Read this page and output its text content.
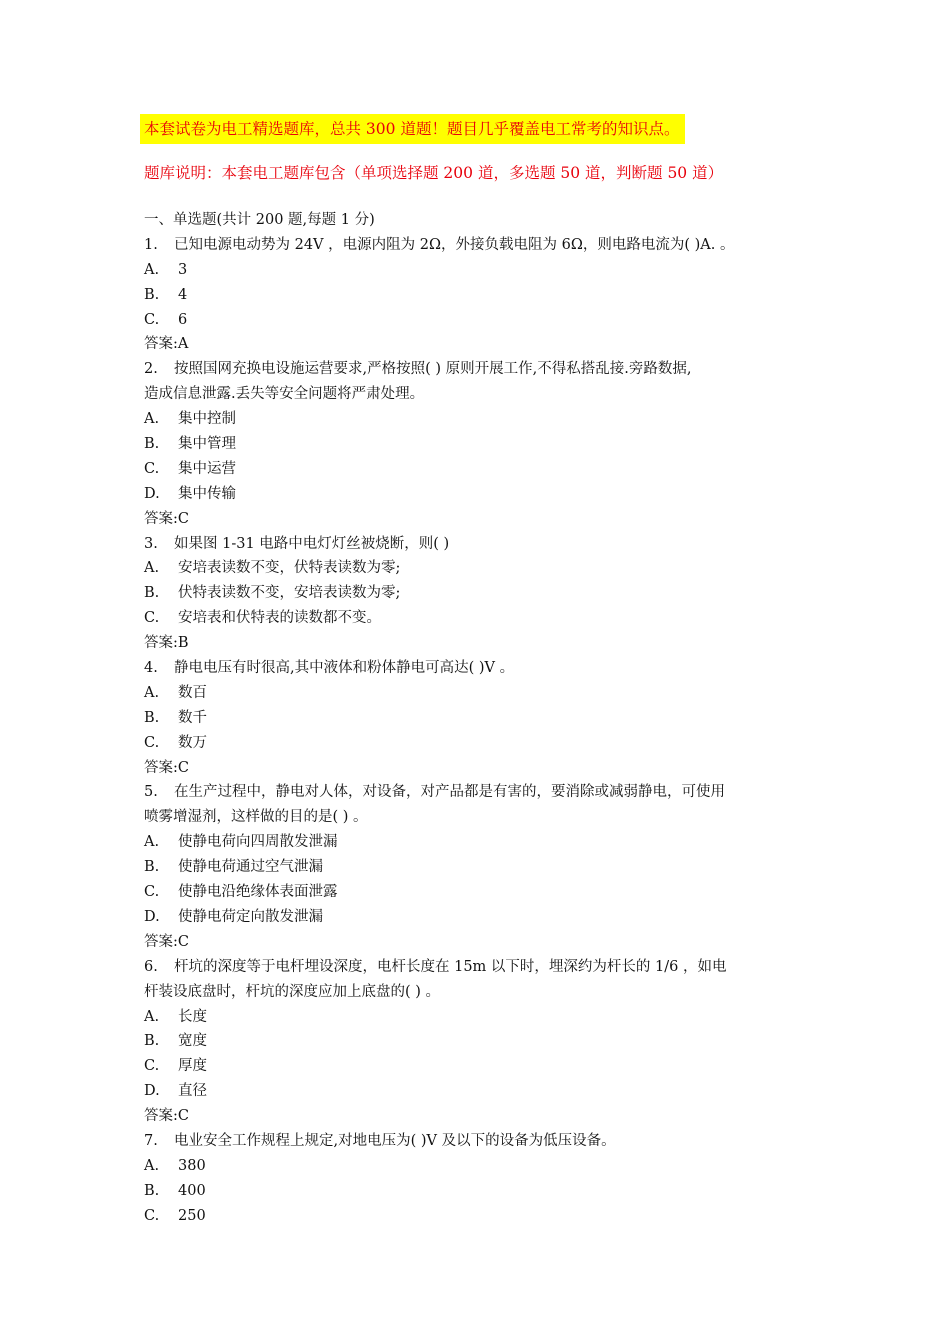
本套试卷为电工精选题库，总共 300 道题！题目几乎覆盖电工常考的知识点。
题库说明：本套电工题库包含（单项选择题 200 道，多选题 50 道，判断题 50 道）
一、单选题(共计 200 题,每题 1 分)
1. 已知电源电动势为 24V ，电源内阻为 2Ω，外接负载电阻为 6Ω，则电路电流为( )A. 。
A. 3
B. 4
C. 6
答案:A
2. 按照国网充换电设施运营要求,严格按照( ) 原则开展工作,不得私搭乱接.旁路数据,
造成信息泄露.丢失等安全问题将严肃处理。
A. 集中控制
B. 集中管理
C. 集中运营
D. 集中传输
答案:C
3. 如果图 1-31 电路中电灯灯丝被烧断，则( )
A. 安培表读数不变，伏特表读数为零;
B. 伏特表读数不变，安培表读数为零;
C. 安培表和伏特表的读数都不变。
答案:B
4. 静电电压有时很高,其中液体和粉体静电可高达( )V 。
A. 数百
B. 数千
C. 数万
答案:C
5. 在生产过程中，静电对人体，对设备，对产品都是有害的，要消除或减弱静电，可使用
喷雾增湿剂，这样做的目的是( ) 。
A. 使静电荷向四周散发泄漏
B. 使静电荷通过空气泄漏
C. 使静电沿绝缘体表面泄露
D. 使静电荷定向散发泄漏
答案:C
6. 杆坑的深度等于电杆埋设深度，电杆长度在 15m 以下时，埋深约为杆长的 1/6 ，如电
杆装设底盘时，杆坑的深度应加上底盘的( ) 。
A. 长度
B. 宽度
C. 厚度
D. 直径
答案:C
7. 电业安全工作规程上规定,对地电压为( )V 及以下的设备为低压设备。
A. 380
B. 400
C. 250
